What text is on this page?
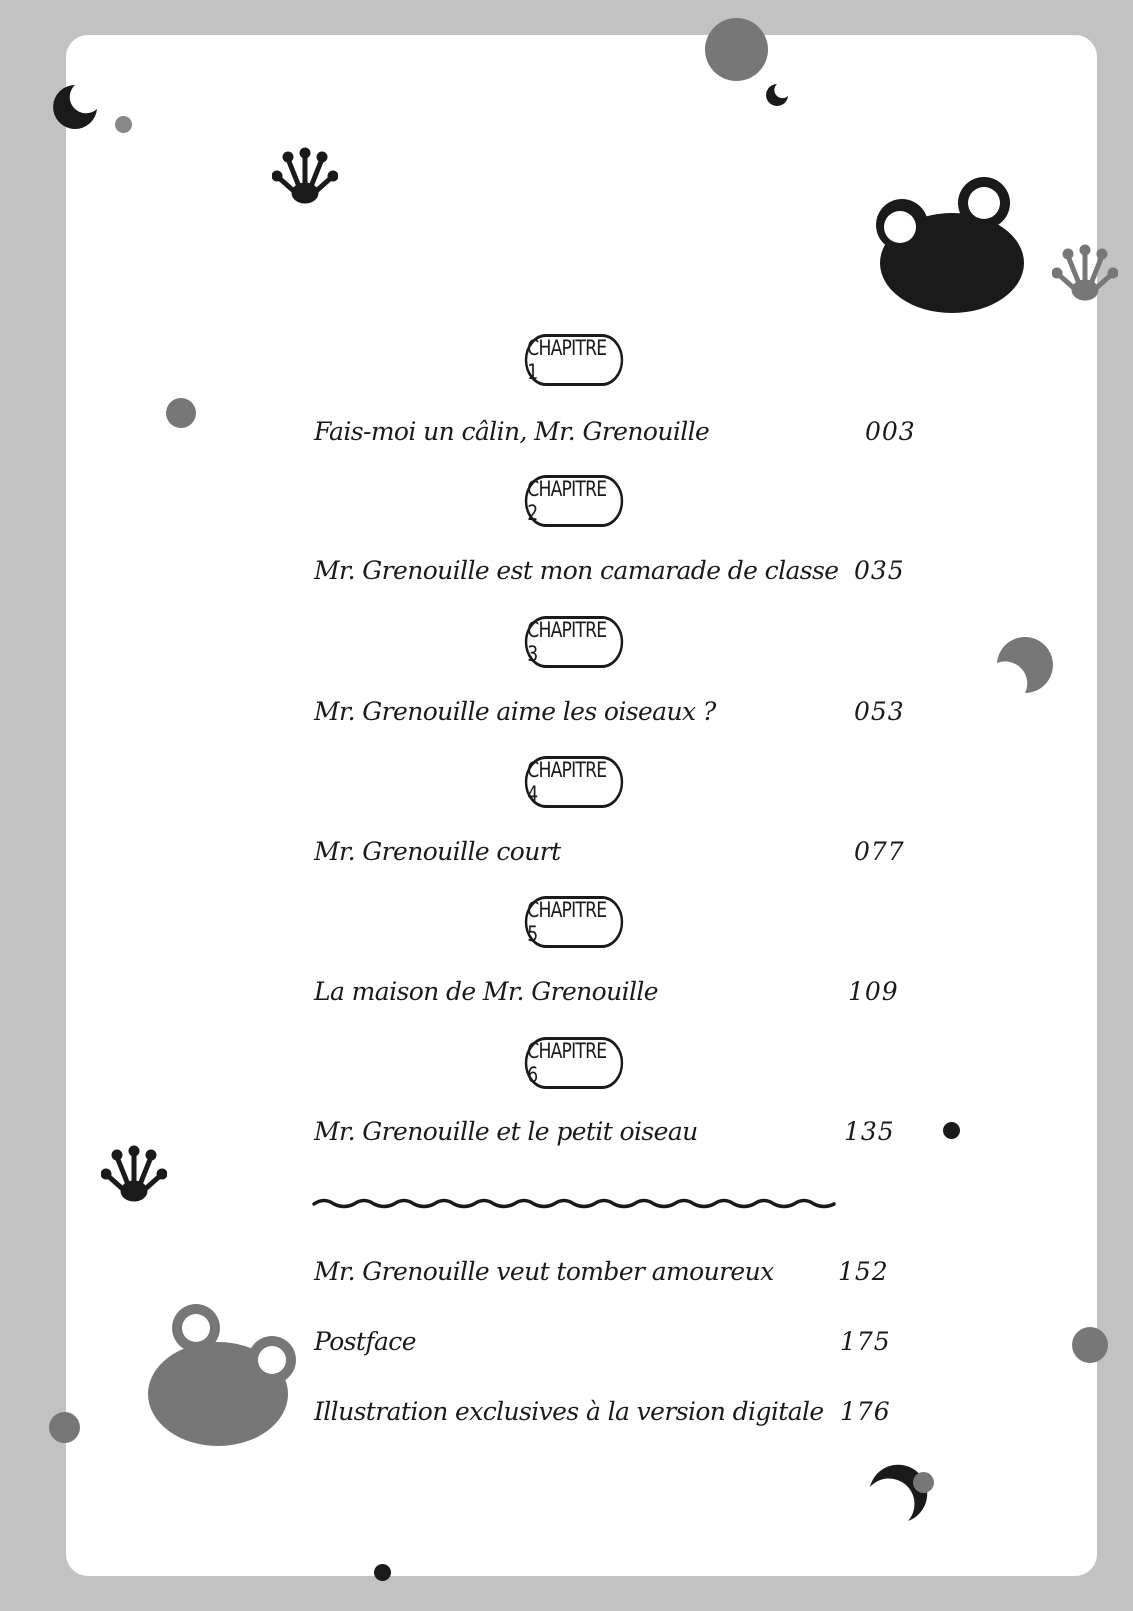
CHAPITRE 1
Fais-moi un câlin, Mr. Grenouille	003
CHAPITRE 2
Mr. Grenouille est mon camarade de classe 035
CHAPITRE 3
Mr. Grenouille aime les oiseaux ?	053
CHAPITRE 4
Mr. Grenouille court	077
CHAPITRE 5
La maison de Mr. Grenouille	109
CHAPITRE 6
Mr. Grenouille et le petit oiseau	135
Mr. Grenouille veut tomber amoureux	152
Postface	175
Illustration exclusives à la version digitale 176
